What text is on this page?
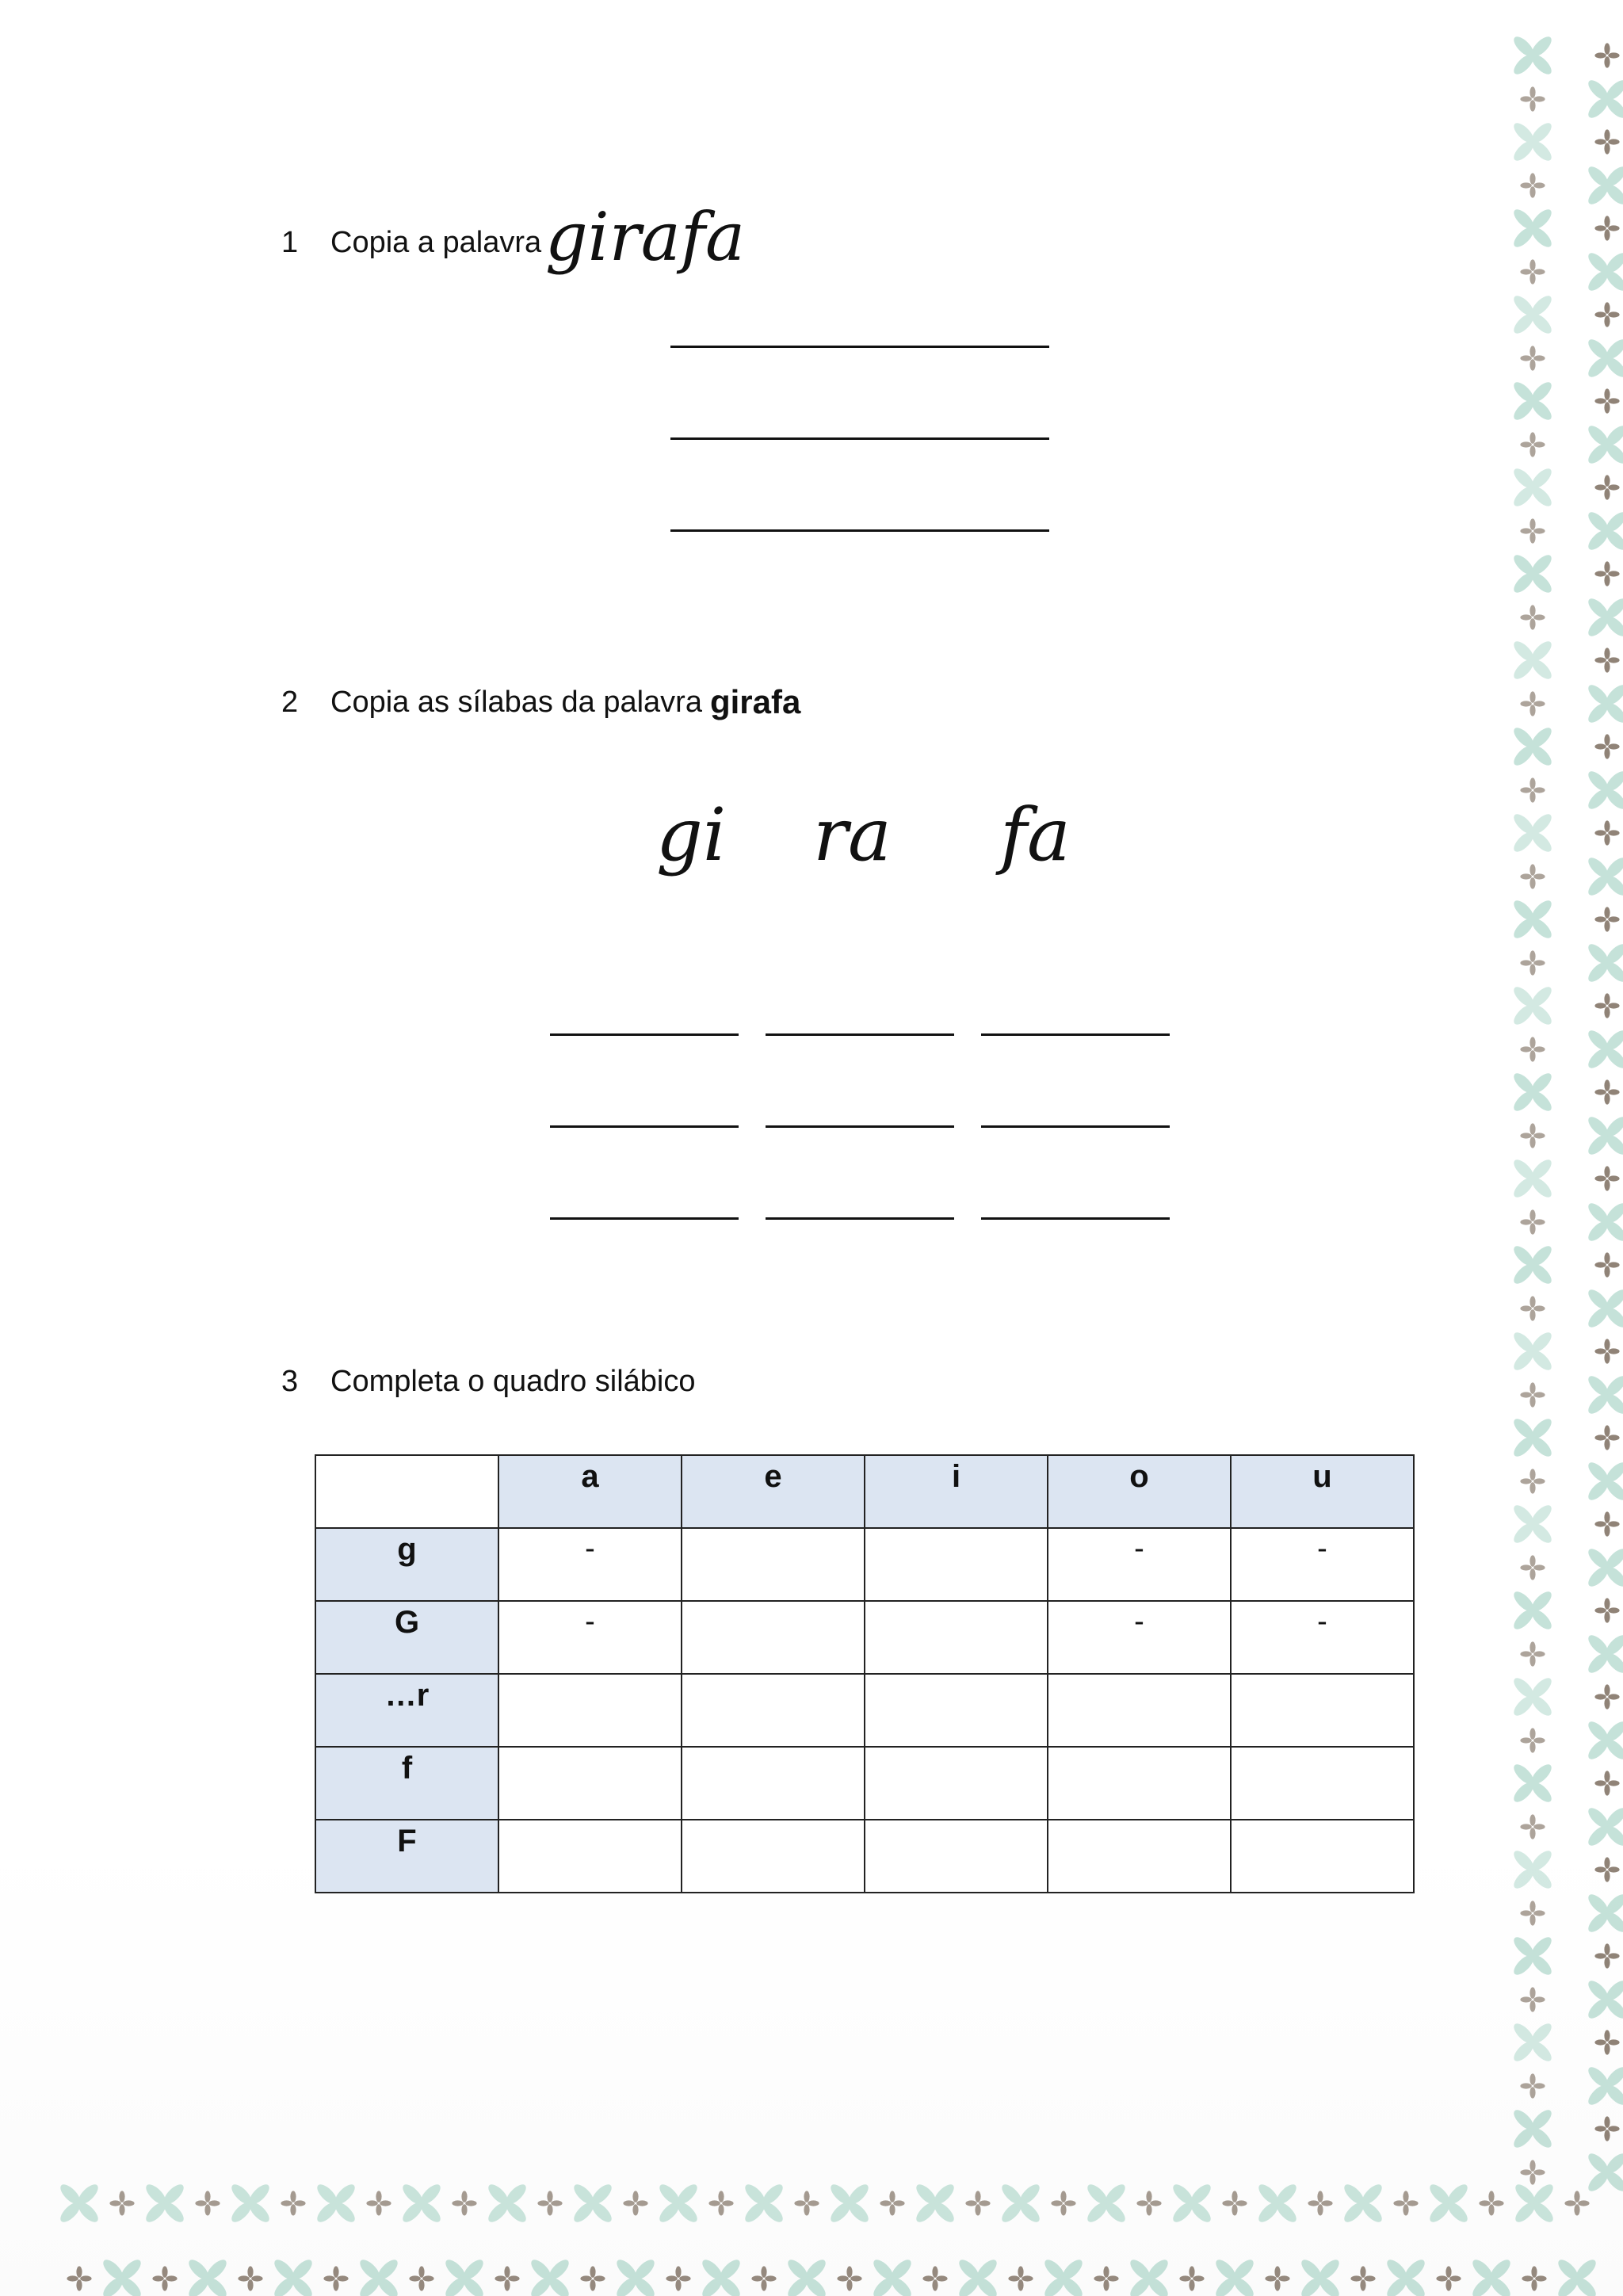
1	Copia a palavra girafa
2	Copia as sílabas da palavra girafa
gi ra fa
3	Completa o quadro silábico
	a	e	i	o	u
g	-			-	-
G	-			-	-
…r					
f					
F					
